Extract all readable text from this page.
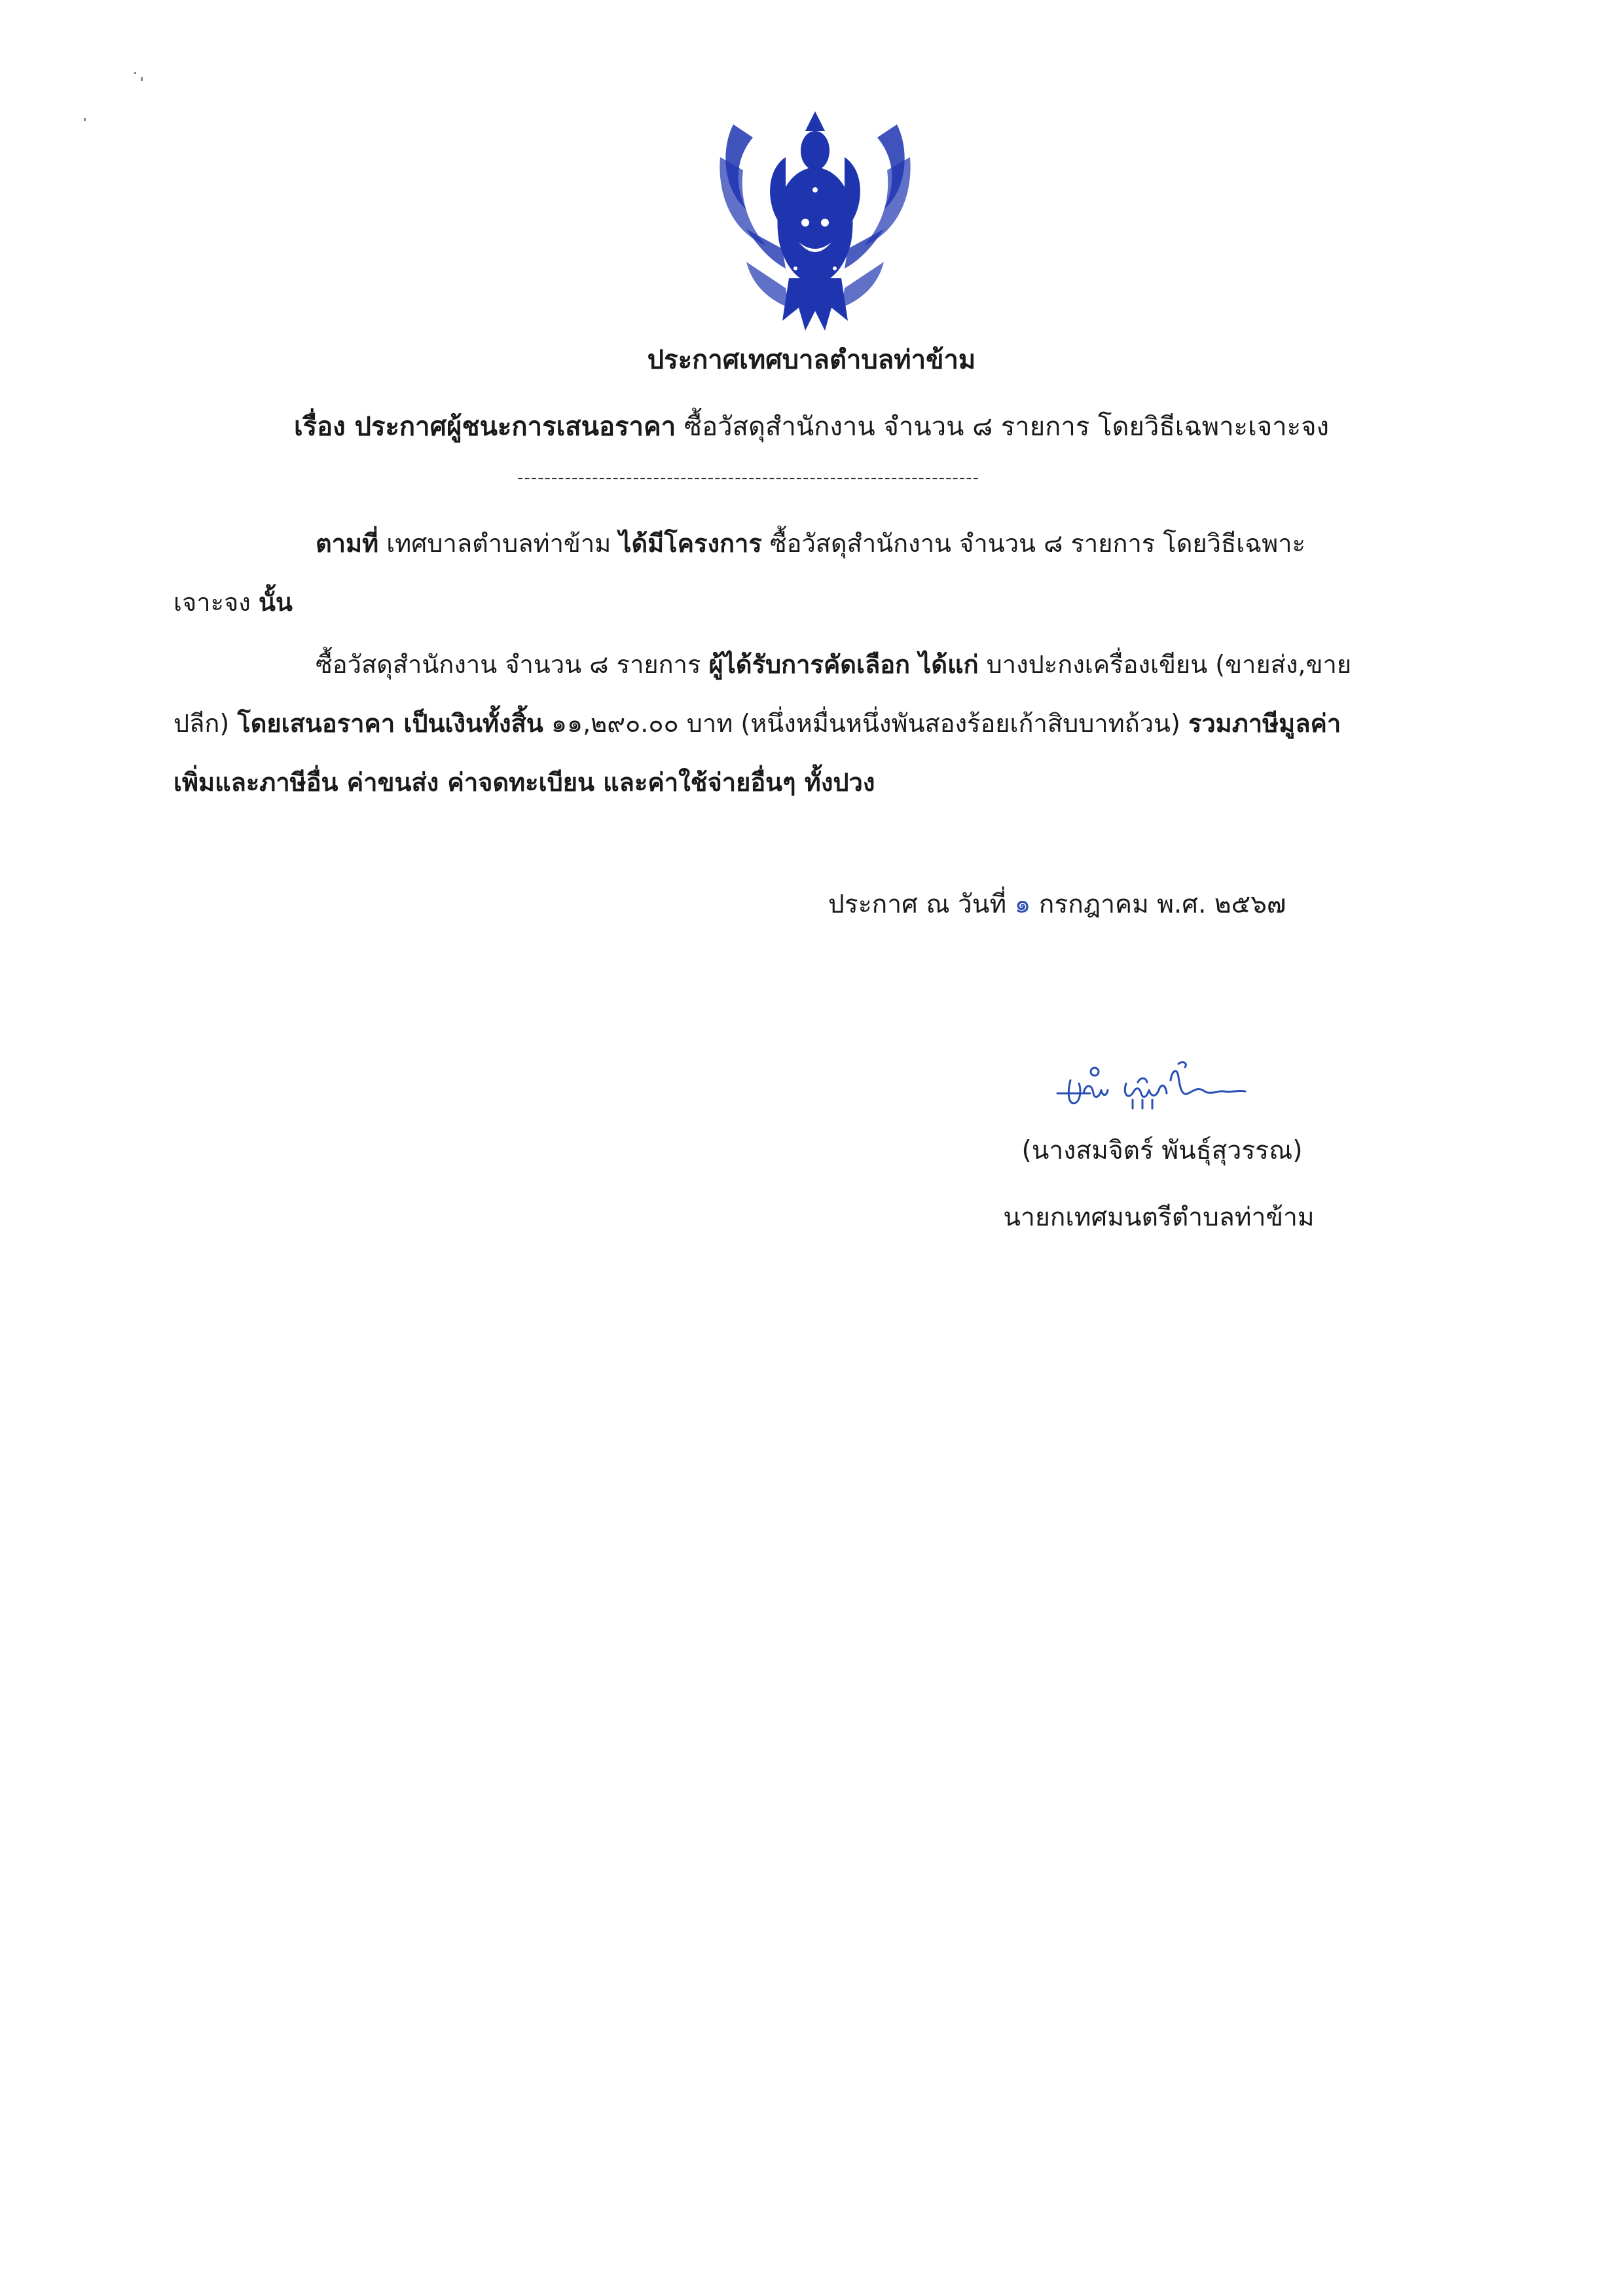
ประกาศเทศบาลตำบลท่าข้าม
เรื่อง ประกาศผู้ชนะการเสนอราคา ซื้อวัสดุสำนักงาน จำนวน ๘ รายการ โดยวิธีเฉพาะเจาะจง
--------------------------------------------------------------------
ตามที่ เทศบาลตำบลท่าข้าม ได้มีโครงการ ซื้อวัสดุสำนักงาน จำนวน ๘ รายการ โดยวิธีเฉพาะ
เจาะจง นั้น
ซื้อวัสดุสำนักงาน จำนวน ๘ รายการ ผู้ได้รับการคัดเลือก ได้แก่ บางปะกงเครื่องเขียน (ขายส่ง,ขาย
ปลีก) โดยเสนอราคา เป็นเงินทั้งสิ้น ๑๑,๒๙๐.๐๐ บาท (หนึ่งหมื่นหนึ่งพันสองร้อยเก้าสิบบาทถ้วน) รวมภาษีมูลค่า
เพิ่มและภาษีอื่น ค่าขนส่ง ค่าจดทะเบียน และค่าใช้จ่ายอื่นๆ ทั้งปวง
ประกาศ ณ วันที่ ๑ กรกฎาคม พ.ศ. ๒๕๖๗
(นางสมจิตร์ พันธุ์สุวรรณ)
นายกเทศมนตรีตำบลท่าข้าม
